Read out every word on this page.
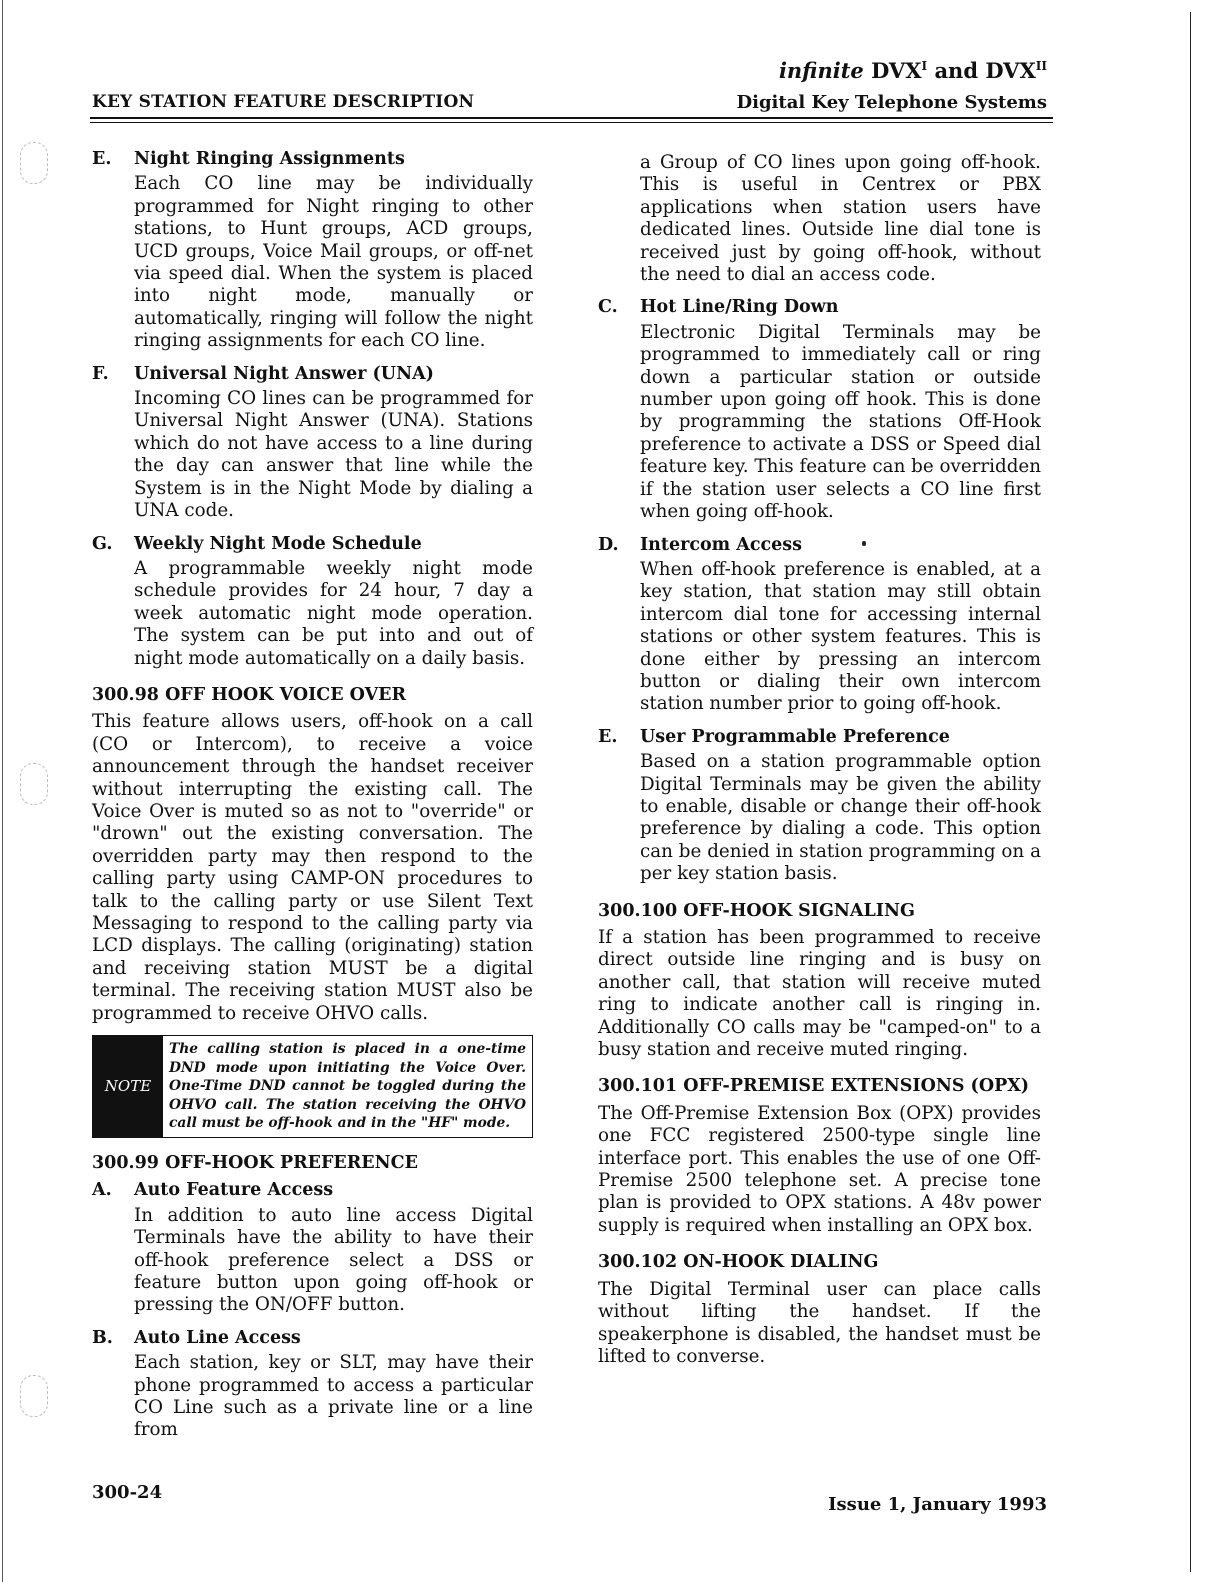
infinite $DVX^I$ and $DVX^{II}$
KEY STATION FEATURE DESCRIPTION	Digital Key Telephone Systems
E.	Night Ringing Assignments
Each CO line may be individually programmed for Night ringing to other stations, to Hunt groups, ACD groups, UCD groups, Voice Mail groups, or off-net via speed dial. When the system is placed into night mode, manually or automatically, ringing will follow the night ringing assignments for each CO line.
F.	Universal Night Answer (UNA)
Incoming CO lines can be programmed for Universal Night Answer (UNA). Stations which do not have access to a line during the day can answer that line while the System is in the Night Mode by dialing a UNA code.
G.	Weekly Night Mode Schedule
A programmable weekly night mode schedule provides for 24 hour, 7 day a week automatic night mode operation. The system can be put into and out of night mode automatically on a daily basis.
300.98 OFF HOOK VOICE OVER
This feature allows users, off-hook on a call (CO or Intercom), to receive a voice announcement through the handset receiver without interrupting the existing call. The Voice Over is muted so as not to "override" or "drown" out the existing conversation. The overridden party may then respond to the calling party using CAMP-ON procedures to talk to the calling party or use Silent Text Messaging to respond to the calling party via LCD displays. The calling (originating) station and receiving station MUST be a digital terminal. The receiving station MUST also be programmed to receive OHVO calls.
NOTE
The calling station is placed in a one-time DND mode upon initiating the Voice Over. One-Time DND cannot be toggled during the OHVO call. The station receiving the OHVO call must be off-hook and in the "HF" mode.
300.99 OFF-HOOK PREFERENCE
A.	Auto Feature Access
In addition to auto line access Digital Terminals have the ability to have their off-hook preference select a DSS or feature button upon going off-hook or pressing the ON/OFF button.
B.	Auto Line Access
Each station, key or SLT, may have their phone programmed to access a particular CO Line such as a private line or a line from
a Group of CO lines upon going off-hook. This is useful in Centrex or PBX applications when station users have dedicated lines. Outside line dial tone is received just by going off-hook, without the need to dial an access code.
C.	Hot Line/Ring Down
Electronic Digital Terminals may be programmed to immediately call or ring down a particular station or outside number upon going off hook. This is done by programming the stations Off-Hook preference to activate a DSS or Speed dial feature key. This feature can be overridden if the station user selects a CO line first when going off-hook.
D.	Intercom Access
When off-hook preference is enabled, at a key station, that station may still obtain intercom dial tone for accessing internal stations or other system features. This is done either by pressing an intercom button or dialing their own intercom station number prior to going off-hook.
E.	User Programmable Preference
Based on a station programmable option Digital Terminals may be given the ability to enable, disable or change their off-hook preference by dialing a code. This option can be denied in station programming on a per key station basis.
300.100 OFF-HOOK SIGNALING
If a station has been programmed to receive direct outside line ringing and is busy on another call, that station will receive muted ring to indicate another call is ringing in. Additionally CO calls may be "camped-on" to a busy station and receive muted ringing.
300.101 OFF-PREMISE EXTENSIONS (OPX)
The Off-Premise Extension Box (OPX) provides one FCC registered 2500-type single line interface port. This enables the use of one Off-Premise 2500 telephone set. A precise tone plan is provided to OPX stations. A 48v power supply is required when installing an OPX box.
300.102 ON-HOOK DIALING
The Digital Terminal user can place calls without lifting the handset. If the speakerphone is disabled, the handset must be lifted to converse.
300-24
Issue 1, January 1993
